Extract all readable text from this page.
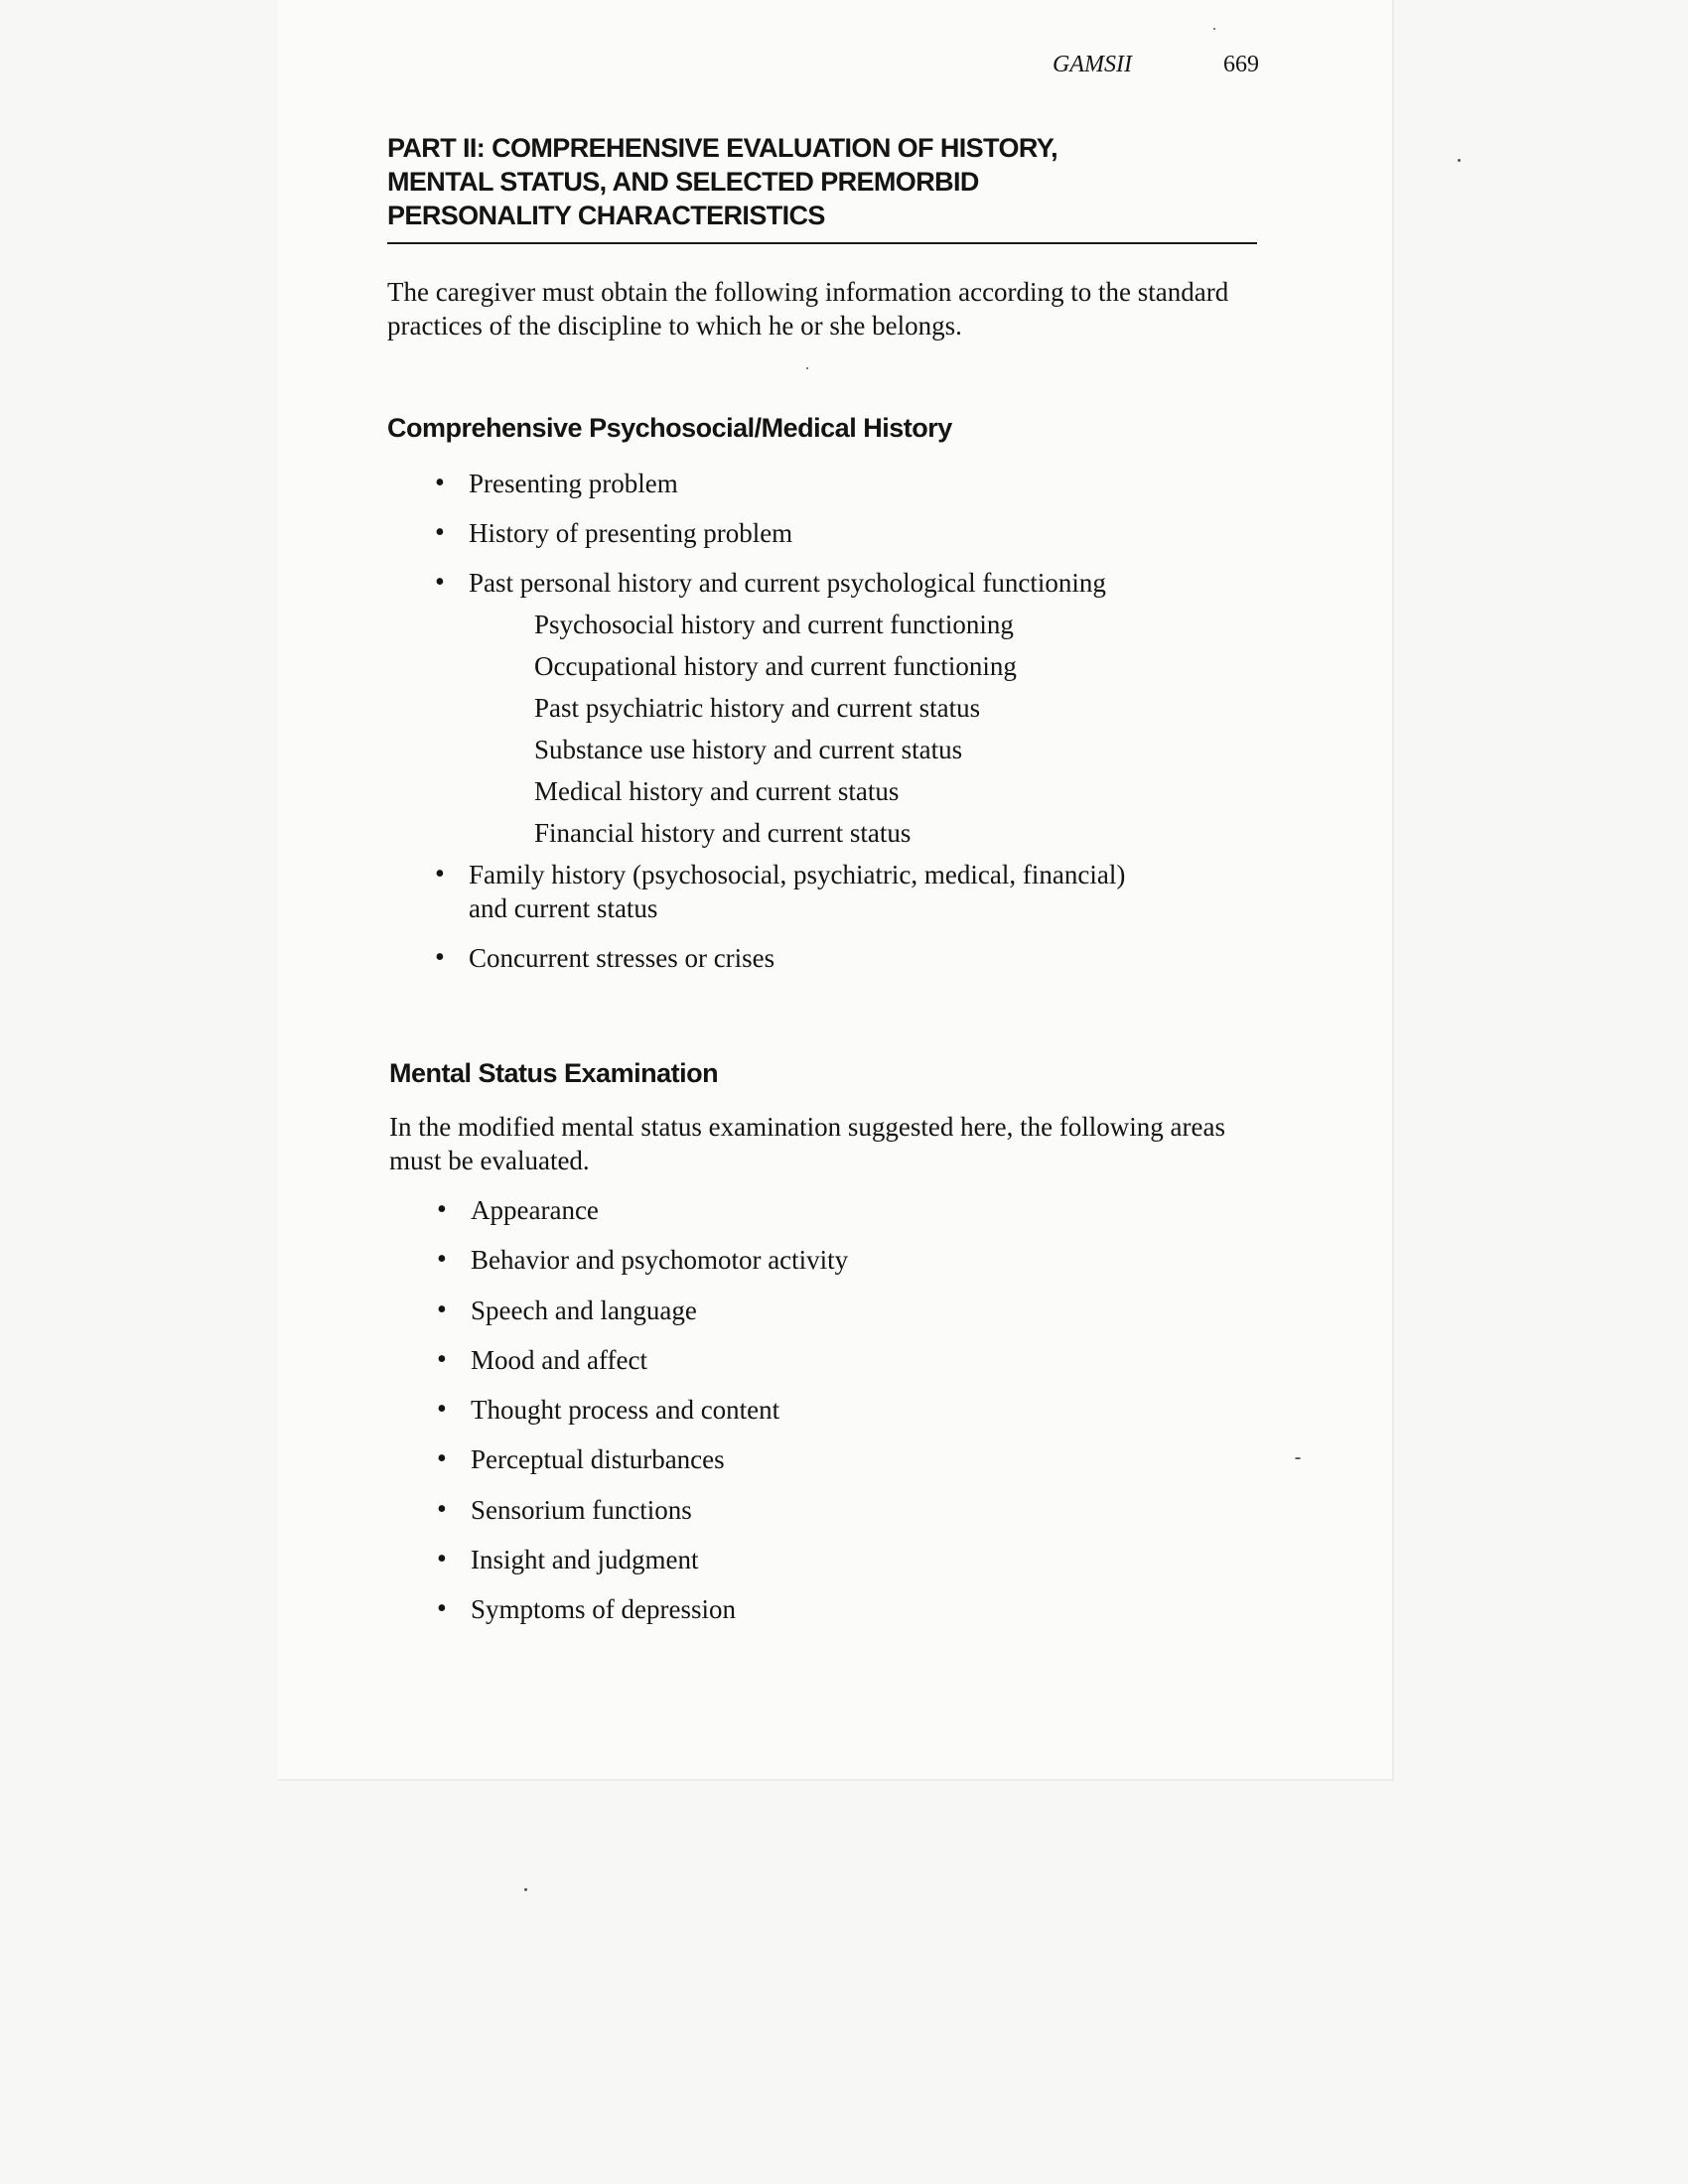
GAMSII	669
PART II: COMPREHENSIVE EVALUATION OF HISTORY,
MENTAL STATUS, AND SELECTED PREMORBID
PERSONALITY CHARACTERISTICS

The caregiver must obtain the following information according to the standard practices of the discipline to which he or she belongs.

Comprehensive Psychosocial/Medical History
• Presenting problem
• History of presenting problem
• Past personal history and current psychological functioning
Psychosocial history and current functioning
Occupational history and current functioning
Past psychiatric history and current status
Substance use history and current status
Medical history and current status
Financial history and current status
• Family history (psychosocial, psychiatric, medical, financial) and current status
• Concurrent stresses or crises
Mental Status Examination

In the modified mental status examination suggested here, the following areas must be evaluated.

• Appearance
• Behavior and psychomotor activity
• Speech and language
• Mood and affect
• Thought process and content
• Perceptual disturbances
• Sensorium functions
• Insight and judgment
• Symptoms of depression
